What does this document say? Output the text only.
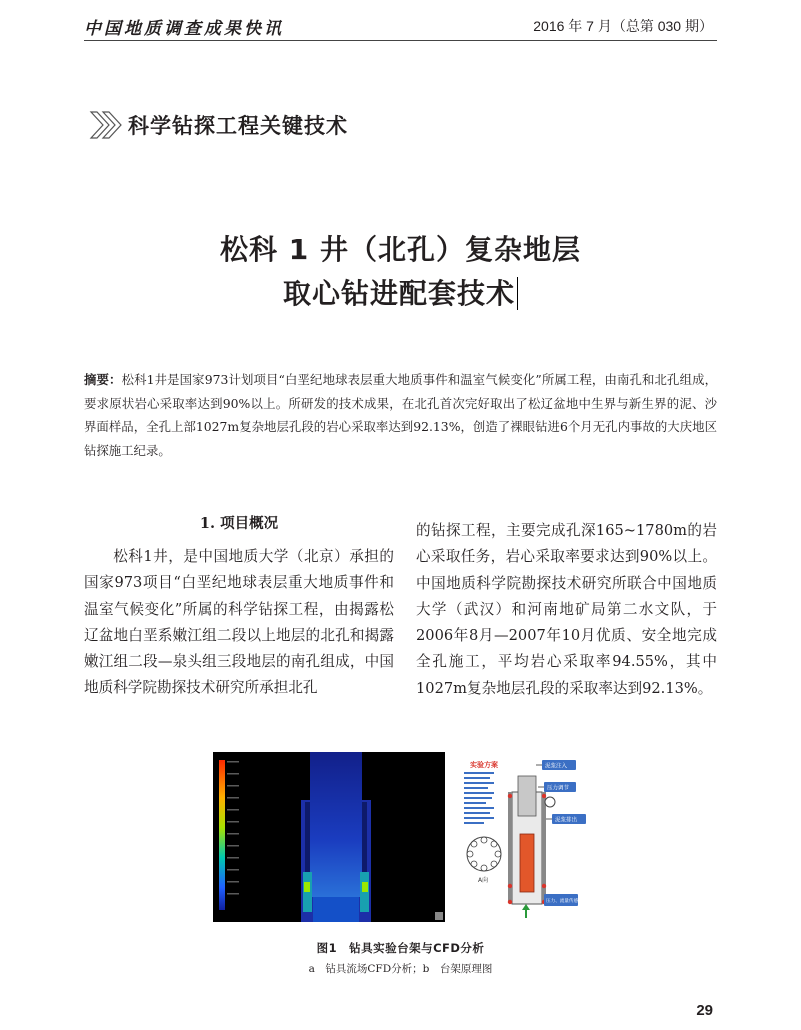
中国地质调查成果快讯	2016 年 7 月（总第 030 期）
科学钻探工程关键技术
松科 1 井（北孔）复杂地层
取心钻进配套技术
摘要：松科1井是国家973计划项目“白垩纪地球表层重大地质事件和温室气候变化”所属工程，由南孔和北孔组成，要求原状岩心采取率达到90%以上。所研发的技术成果，在北孔首次完好取出了松辽盆地中生界与新生界的泥、沙界面样品，全孔上部1027m复杂地层孔段的岩心采取率达到92.13%，创造了裸眼钻进6个月无孔内事故的大庆地区钻探施工纪录。
1. 项目概况
松科1井，是中国地质大学（北京）承担的国家973项目“白垩纪地球表层重大地质事件和温室气候变化”所属的科学钻探工程，由揭露松辽盆地白垩系嫩江组二段以上地层的北孔和揭露嫩江组二段—泉头组三段地层的南孔组成，中国地质科学院勘探技术研究所承担北孔
的钻探工程，主要完成孔深165~1780m的岩心采取任务，岩心采取率要求达到90%以上。中国地质科学院勘探技术研究所联合中国地质大学（武汉）和河南地矿局第二水文队，于2006年8月—2007年10月优质、安全地完成全孔施工，平均岩心采取率94.55%，其中1027m复杂地层孔段的采取率达到92.13%。
实验方案
A向
泥浆注入
压力调节
泥浆排出
压力、流量传感器
图1　钻具实验台架与CFD分析
a　钻具流场CFD分析；b　台架原理图
29
